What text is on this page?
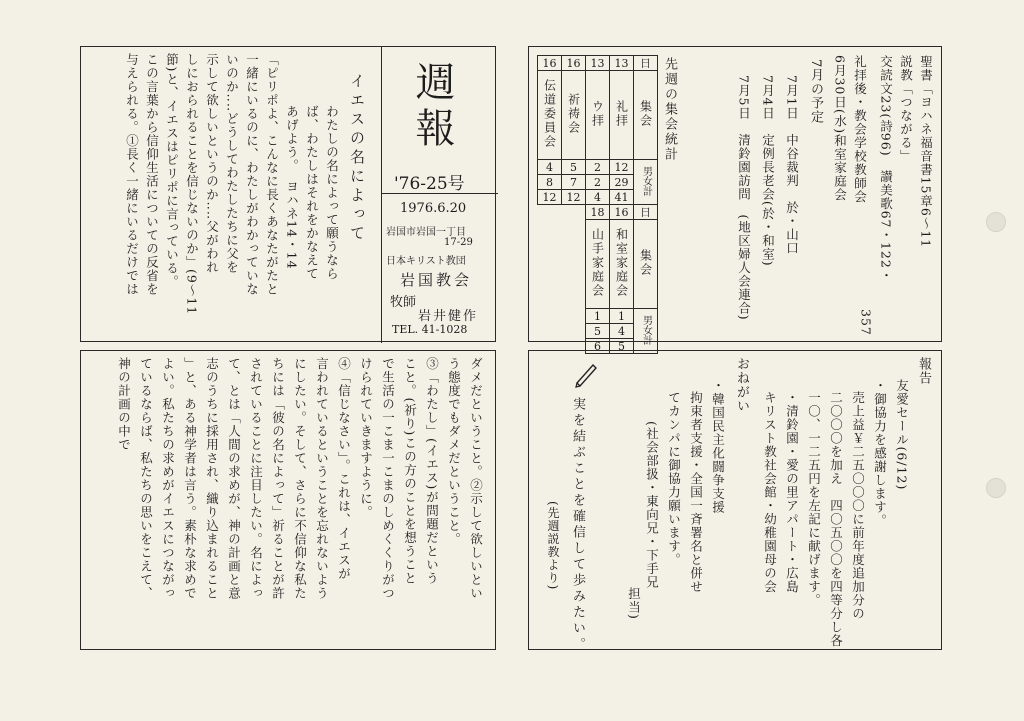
週報
'76-25号
1976.6.20
岩国市岩国一丁目
17-29
日本キリスト教団
岩国教会
牧師
岩井健作
TEL. 41-1028
イエスの名によって
わたしの名によって願うなら
ば、わたしはそれをかなえて
あげよう。　ヨハネ14・14
「ピリポよ、こんなに長くあなたがたと
一緒にいるのに、わたしがわかっていな
いのか‥‥どうしてわたしたちに父を
示して欲しいというのか‥‥父がわれ
しにおられることを信じないのか」(9～11
節)と、イエスはピリポに言っている。
この言葉から信仰生活についての反省を
与えられる。①長く一緒にいるだけでは
ダメだということ。②示して欲しいとい
う態度でもダメだということ。
③「わたし」(イエス)が問題だという
こと。(祈り)この方のことを想うこと
で生活の一こま一こまのしめくくりがつ
けられていきますように。
④「信じなさい」。これは、イエスが
言われているということを忘れないよう
にしたい。そして、さらに不信仰な私た
ちには「彼の名によって」祈ることが許
されていることに注目したい。名によっ
て、とは「人間の求めが、神の計画と意
志のうちに採用され、織り込まれること
」と、ある神学者は言う。素朴な求めで
よい。私たちの求めがイエスにつながっ
ているならば、私たちの思いをこえて、
神の計画の中で
聖書「ヨハネ福音書15章6～11
説教「つながる」
交読文23(詩96)　讃美歌67・122・
357
礼拝後・教会学校教師会
6月30日(水)和室家庭会
7月の予定
7月1日　中谷裁判　於・山口
7月4日　定例長老会(於・和室)
7月5日　清鈴園訪問　(地区婦人会連合)
先週の集会統計
16	16	13	13	日
伝道委員会	祈祷会	ウ拝	礼拝	集会
4	5	2	12	男女計
8	7	2	29	
12	12	4	41	
		18	16	日
		山手家庭会	和室家庭会	集会
		1	1	男女計
		5	4	
		6	5	
報告
友愛セール(6/12)
・御協力を感謝します。
売上益￥二五〇〇〇に前年度追加分の
二〇〇〇を加え　四〇五〇〇を四等分し各
一〇、一二五円を左記に献げます。
・清鈴園・愛の里アパート・広島
キリスト教社会館・幼稚園母の会
おねがい
・韓国民主化闘争支援
拘束者支援・全国一斉署名と併せ
てカンパに御協力願います。
(社会部扱・東向兄・下手兄
担当)
実を結ぶことを確信して歩みたい。
(先週説教より)
